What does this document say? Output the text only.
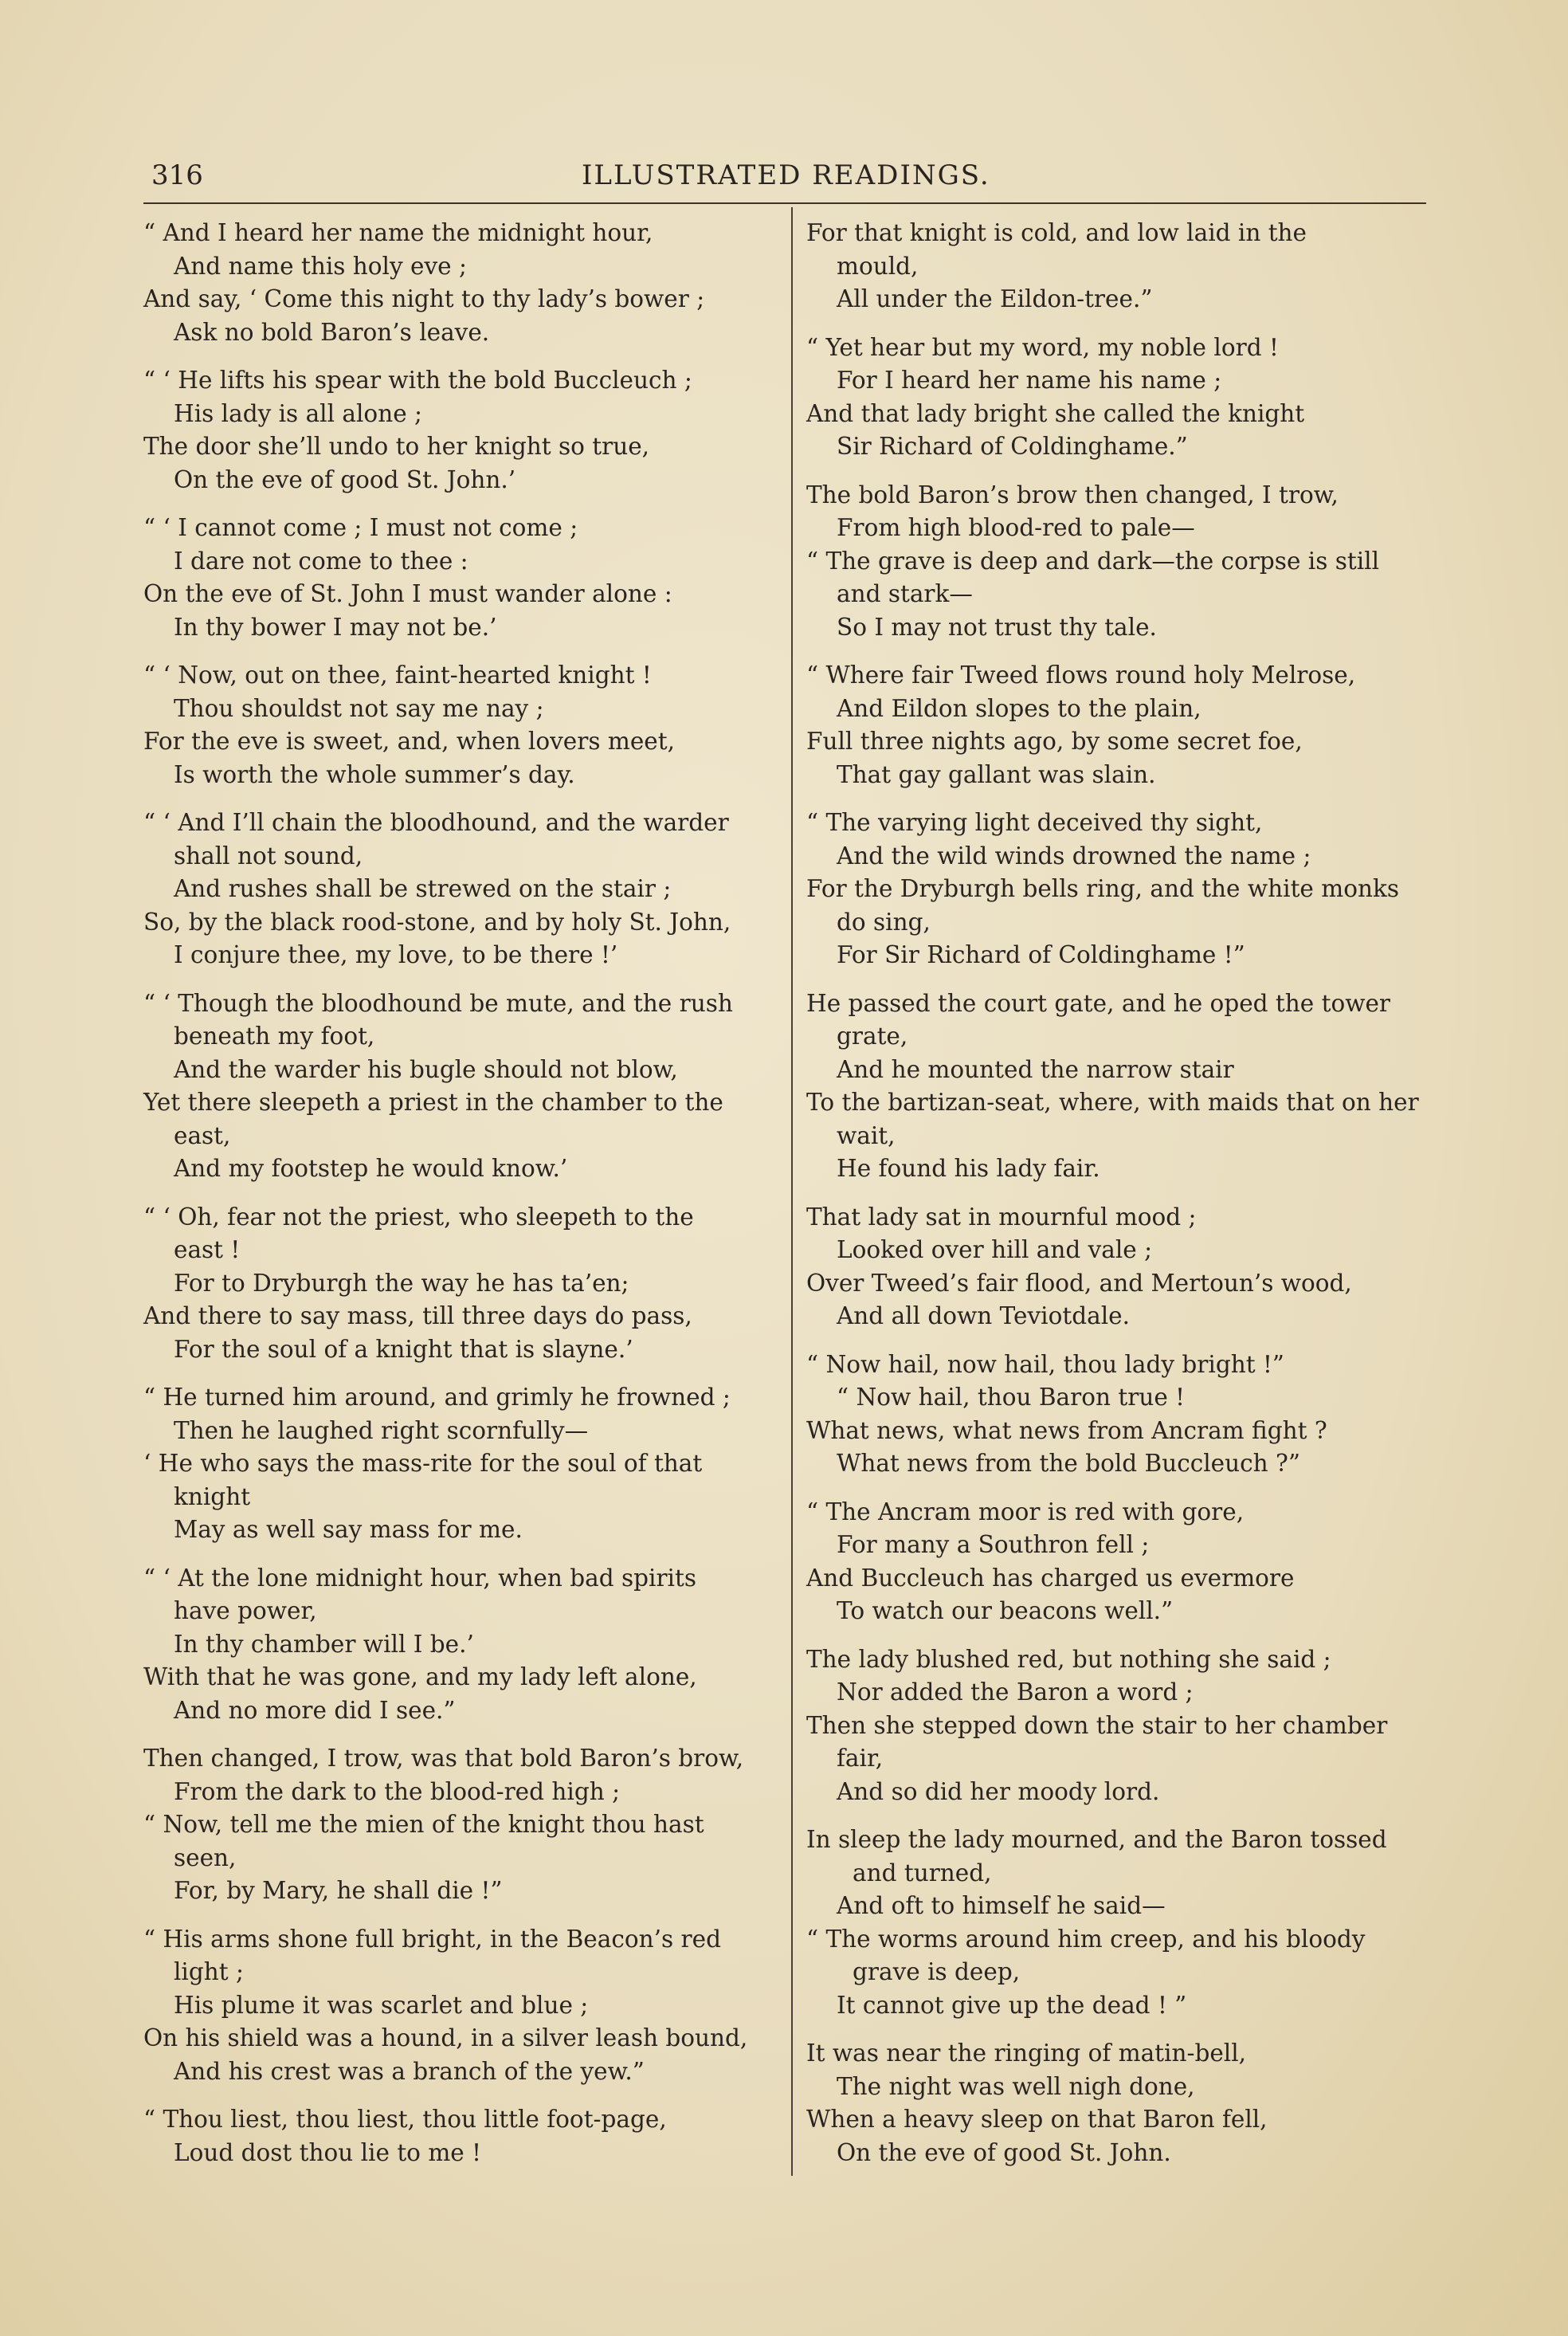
316	ILLUSTRATED READINGS.

“ And I heard her name the midnight hour,

And name this holy eve ;

And say, ‘ Come this night to thy lady’s bower ;

Ask no bold Baron’s leave.

“ ‘ He lifts his spear with the bold Buccleuch ;

His lady is all alone ;

The door she’ll undo to her knight so true,

On the eve of good St. John.’

“ ‘ I cannot come ; I must not come ;

I dare not come to thee :

On the eve of St. John I must wander alone :

In thy bower I may not be.’

“ ‘ Now, out on thee, faint-hearted knight !

Thou shouldst not say me nay ;

For the eve is sweet, and, when lovers meet,

Is worth the whole summer’s day.

“ ‘ And I’ll chain the bloodhound, and the warder

shall not sound,

And rushes shall be strewed on the stair ;

So, by the black rood-stone, and by holy St. John,

I conjure thee, my love, to be there !’

“ ‘ Though the bloodhound be mute, and the rush

beneath my foot,

And the warder his bugle should not blow,

Yet there sleepeth a priest in the chamber to the

east,

And my footstep he would know.’

“ ‘ Oh, fear not the priest, who sleepeth to the

east !

For to Dryburgh the way he has ta’en;

And there to say mass, till three days do pass,

For the soul of a knight that is slayne.’

“ He turned him around, and grimly he frowned ;

Then he laughed right scornfully—

‘ He who says the mass-rite for the soul of that

knight

May as well say mass for me.

“ ‘ At the lone midnight hour, when bad spirits

have power,

In thy chamber will I be.’

With that he was gone, and my lady left alone,

And no more did I see.”

Then changed, I trow, was that bold Baron’s brow,

From the dark to the blood-red high ;

“ Now, tell me the mien of the knight thou hast

seen,

For, by Mary, he shall die !”

“ His arms shone full bright, in the Beacon’s red

light ;

His plume it was scarlet and blue ;

On his shield was a hound, in a silver leash bound,

And his crest was a branch of the yew.”

“ Thou liest, thou liest, thou little foot-page,

Loud dost thou lie to me !

For that knight is cold, and low laid in the

mould,

All under the Eildon-tree.”

“ Yet hear but my word, my noble lord !

For I heard her name his name ;

And that lady bright she called the knight

Sir Richard of Coldinghame.”

The bold Baron’s brow then changed, I trow,

From high blood-red to pale—

“ The grave is deep and dark—the corpse is still

and stark—

So I may not trust thy tale.

“ Where fair Tweed flows round holy Melrose,

And Eildon slopes to the plain,

Full three nights ago, by some secret foe,

That gay gallant was slain.

“ The varying light deceived thy sight,

And the wild winds drowned the name ;

For the Dryburgh bells ring, and the white monks

do sing,

For Sir Richard of Coldinghame !”

He passed the court gate, and he oped the tower

grate,

And he mounted the narrow stair

To the bartizan-seat, where, with maids that on her

wait,

He found his lady fair.

That lady sat in mournful mood ;

Looked over hill and vale ;

Over Tweed’s fair flood, and Mertoun’s wood,

And all down Teviotdale.

“ Now hail, now hail, thou lady bright !”

“ Now hail, thou Baron true !

What news, what news from Ancram fight ?

What news from the bold Buccleuch ?”

“ The Ancram moor is red with gore,

For many a Southron fell ;

And Buccleuch has charged us evermore

To watch our beacons well.”

The lady blushed red, but nothing she said ;

Nor added the Baron a word ;

Then she stepped down the stair to her chamber

fair,

And so did her moody lord.

In sleep the lady mourned, and the Baron tossed

and turned,

And oft to himself he said—

“ The worms around him creep, and his bloody

grave is deep,

It cannot give up the dead ! ”

It was near the ringing of matin-bell,

The night was well nigh done,

When a heavy sleep on that Baron fell,

On the eve of good St. John.
